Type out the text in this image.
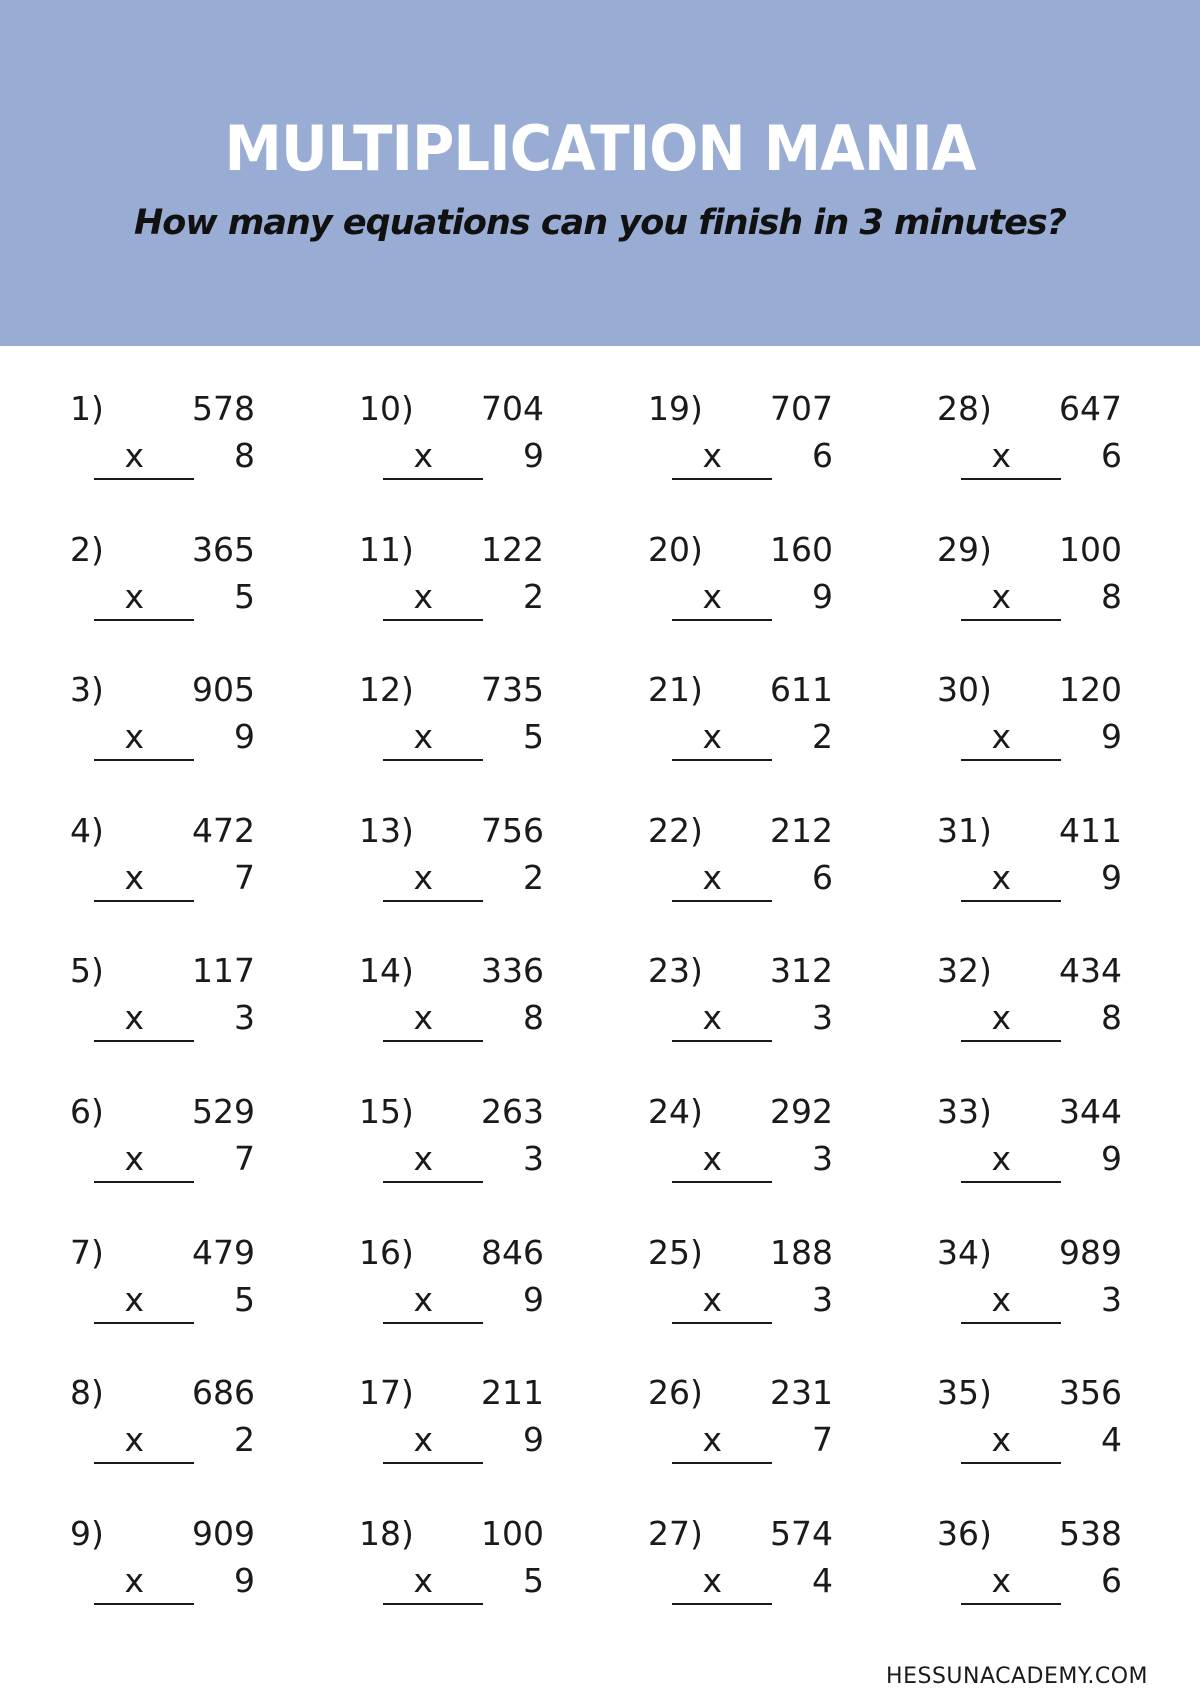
MULTIPLICATION MANIA
How many equations can you finish in 3 minutes?
1)	578
x	8
2)	365
x	5
3)	905
x	9
4)	472
x	7
5)	117
x	3
6)	529
x	7
7)	479
x	5
8)	686
x	2
9)	909
x	9
10)	704
x	9
11)	122
x	2
12)	735
x	5
13)	756
x	2
14)	336
x	8
15)	263
x	3
16)	846
x	9
17)	211
x	9
18)	100
x	5
19)	707
x	6
20)	160
x	9
21)	611
x	2
22)	212
x	6
23)	312
x	3
24)	292
x	3
25)	188
x	3
26)	231
x	7
27)	574
x	4
28)	647
x	6
29)	100
x	8
30)	120
x	9
31)	411
x	9
32)	434
x	8
33)	344
x	9
34)	989
x	3
35)	356
x	4
36)	538
x	6
HESSUNACADEMY.COM
